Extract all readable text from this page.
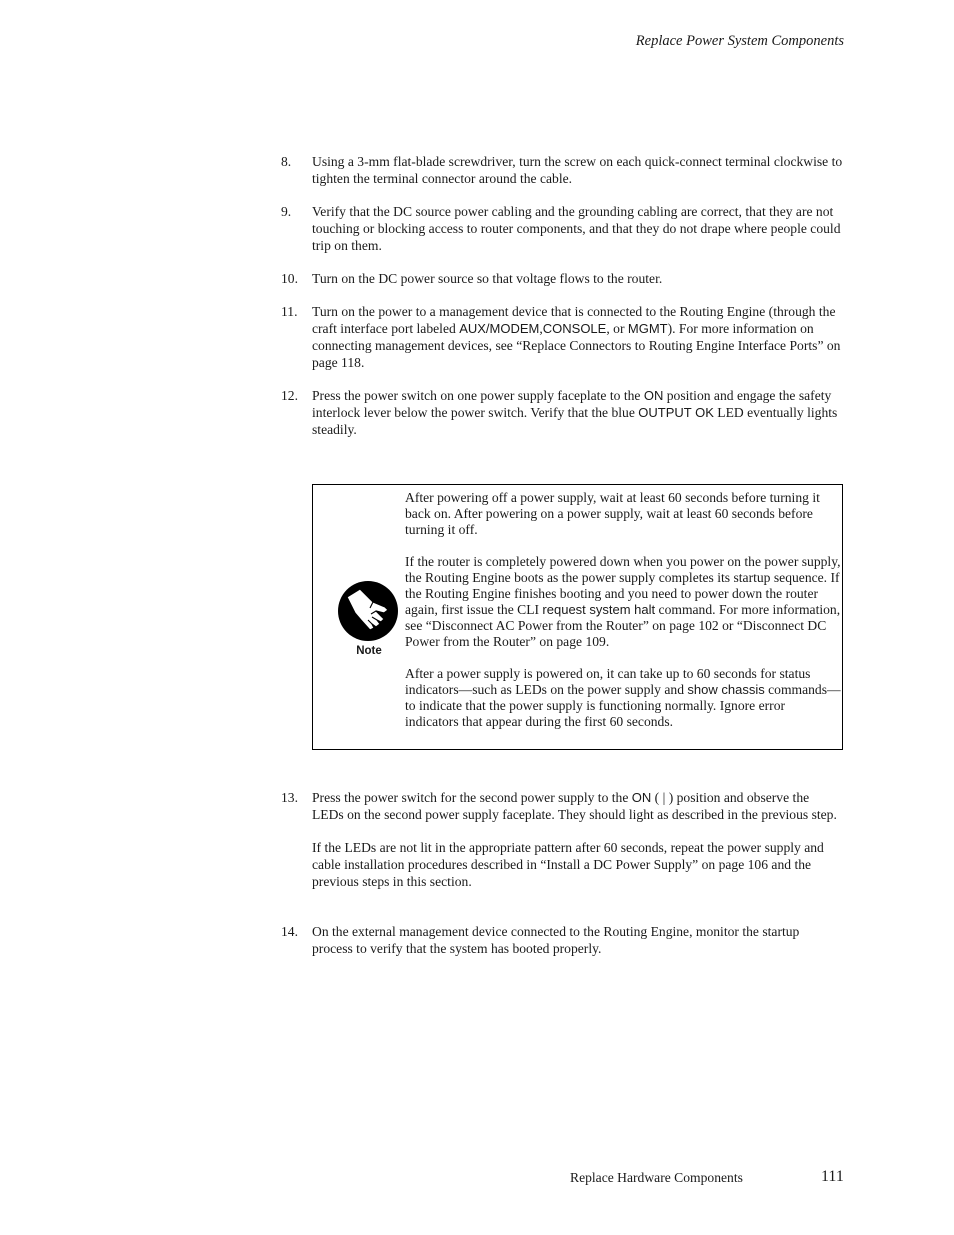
Replace Power System Components
8. Using a 3-mm flat-blade screwdriver, turn the screw on each quick-connect terminal clockwise to tighten the terminal connector around the cable.
9. Verify that the DC source power cabling and the grounding cabling are correct, that they are not touching or blocking access to router components, and that they do not drape where people could trip on them.
10. Turn on the DC power source so that voltage flows to the router.
11. Turn on the power to a management device that is connected to the Routing Engine (through the craft interface port labeled AUX/MODEM,CONSOLE, or MGMT). For more information on connecting management devices, see “Replace Connectors to Routing Engine Interface Ports” on page 118.
12. Press the power switch on one power supply faceplate to the ON position and engage the safety interlock lever below the power switch. Verify that the blue OUTPUT OK LED eventually lights steadily.
Note

After powering off a power supply, wait at least 60 seconds before turning it back on. After powering on a power supply, wait at least 60 seconds before turning it off.

If the router is completely powered down when you power on the power supply, the Routing Engine boots as the power supply completes its startup sequence. If the Routing Engine finishes booting and you need to power down the router again, first issue the CLI request system halt command. For more information, see “Disconnect AC Power from the Router” on page 102 or “Disconnect DC Power from the Router” on page 109.

After a power supply is powered on, it can take up to 60 seconds for status indicators—such as LEDs on the power supply and show chassis commands—to indicate that the power supply is functioning normally. Ignore error indicators that appear during the first 60 seconds.

13. Press the power switch for the second power supply to the ON ( | ) position and observe the LEDs on the second power supply faceplate. They should light as described in the previous step.

If the LEDs are not lit in the appropriate pattern after 60 seconds, repeat the power supply and cable installation procedures described in “Install a DC Power Supply” on page 106 and the previous steps in this section.

14. On the external management device connected to the Routing Engine, monitor the startup process to verify that the system has booted properly.
Replace Hardware Components	111
